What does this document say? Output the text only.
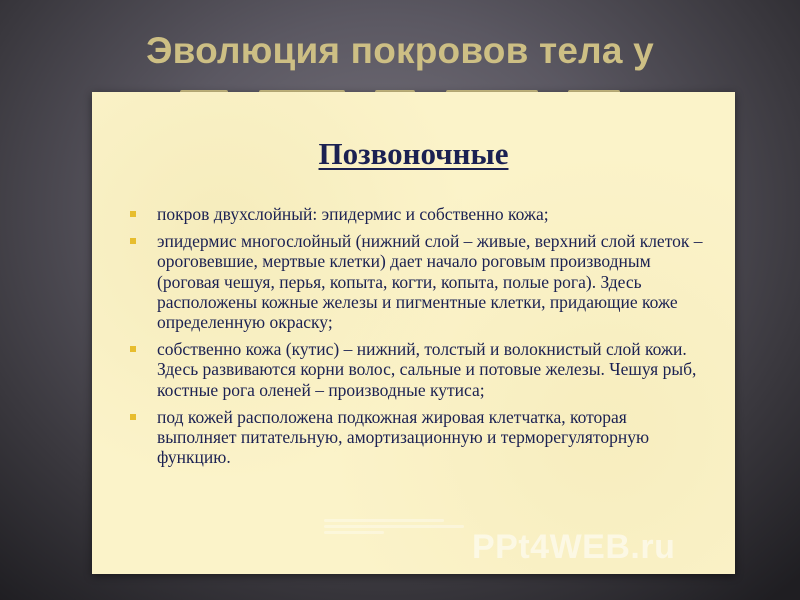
Эволюция покровов тела у
Позвоночные
покров двухслойный: эпидермис и собственно кожа;
эпидермис многослойный (нижний слой – живые, верхний слой клеток – ороговевшие, мертвые клетки) дает начало роговым производным (роговая чешуя, перья, копыта, когти, копыта, полые рога). Здесь расположены кожные железы и пигментные клетки, придающие коже определенную окраску;
собственно кожа (кутис) – нижний, толстый и волокнистый слой кожи. Здесь развиваются корни волос, сальные и потовые железы. Чешуя рыб, костные рога оленей – производные кутиса;
под кожей расположена подкожная жировая клетчатка, которая выполняет питательную, амортизационную и терморегуляторную функцию.
PPt4WEB.ru
